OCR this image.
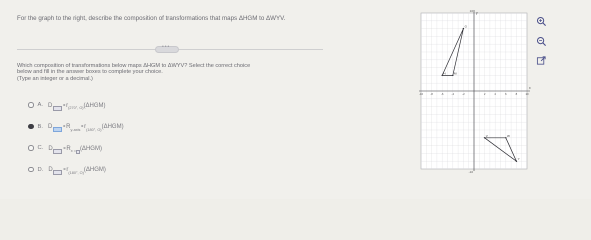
For the graph to the right, describe the composition of transformations that maps ΔHGM to ΔWYV.
•••
Which composition of transformations below maps ΔHGM to ΔWYV? Select the correct choice
below and fill in the answer boxes to complete your choice.
(Type an integer or a decimal.)
A. D ∘ r (270°, O) (ΔHGM)
B. D ∘ R y-axis ∘ r (180°, O) (ΔHGM)
C. D ∘ R x = (ΔHGM)
D. D ∘ r (180°, O) (ΔHGM)
-10	-8	-6	-4	-2	2	4	6	8	10
10
-10
x
y
G
M
H
V	W
Y
